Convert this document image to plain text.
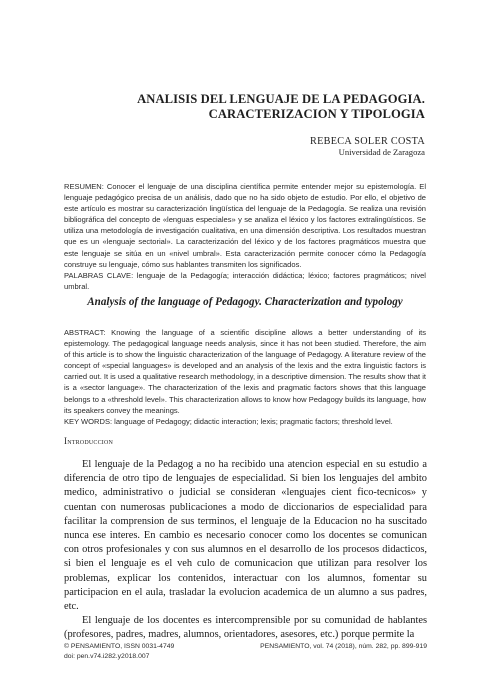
ANALISIS DEL LENGUAJE DE LA PEDAGOGIA.
CARACTERIZACION Y TIPOLOGIA
REBECA SOLER COSTA
Universidad de Zaragoza

RESUMEN: Conocer el lenguaje de una disciplina científica permite entender mejor su epistemología. El lenguaje pedagógico precisa de un análisis, dado que no ha sido objeto de estudio. Por ello, el objetivo de este artículo es mostrar su caracterización lingüística del lenguaje de la Pedagogía. Se realiza una revisión bibliográfica del concepto de «lenguas especiales» y se analiza el léxico y los factores extralingüísticos. Se utiliza una metodología de investigación cualitativa, en una dimensión descriptiva. Los resultados muestran que es un «lenguaje sectorial». La caracterización del léxico y de los factores pragmáticos muestra que este lenguaje se sitúa en un «nivel umbral». Esta caracterización permite conocer cómo la Pedagogía construye su lenguaje, cómo sus hablantes transmiten los significados.

PALABRAS CLAVE: lenguaje de la Pedagogía; interacción didáctica; léxico; factores pragmáticos; nivel umbral.

Analysis of the language of Pedagogy. Characterization and typology

ABSTRACT: Knowing the language of a scientific discipline allows a better understanding of its epistemology. The pedagogical language needs analysis, since it has not been studied. Therefore, the aim of this article is to show the linguistic characterization of the language of Pedagogy. A literature review of the concept of «special languages» is developed and an analysis of the lexis and the extra linguistic factors is carried out. It is used a qualitative research methodology, in a descriptive dimension. The results show that it is a «sector language». The characterization of the lexis and pragmatic factors shows that this language belongs to a «threshold level». This characterization allows to know how Pedagogy builds its language, how its speakers convey the meanings.

KEY WORDS: language of Pedagogy; didactic interaction; lexis; pragmatic factors; threshold level.

Introduccion

El lenguaje de la Pedagog a no ha recibido una atencion especial en su estudio a diferencia de otro tipo de lenguajes de especialidad. Si bien los lenguajes del ambito medico, administrativo o judicial se consideran «lenguajes cient fico-tecnicos» y cuentan con numerosas publicaciones a modo de diccionarios de especialidad para facilitar la comprension de sus terminos, el lenguaje de la Educacion no ha suscitado nunca ese interes. En cambio es necesario conocer como los docentes se comunican con otros profesionales y con sus alumnos en el desarrollo de los procesos didacticos, si bien el lenguaje es el veh culo de comunicacion que utilizan para resolver los problemas, explicar los contenidos, interactuar con los alumnos, fomentar su participacion en el aula, trasladar la evolucion academica de un alumno a sus padres, etc.

El lenguaje de los docentes es intercomprensible por su comunidad de hablantes (profesores, padres, madres, alumnos, orientadores, asesores, etc.) porque permite la

© PENSAMIENTO, ISSN 0031-4749
doi: pen.v74.i282.y2018.007
PENSAMIENTO, vol. 74 (2018), núm. 282, pp. 899-919
